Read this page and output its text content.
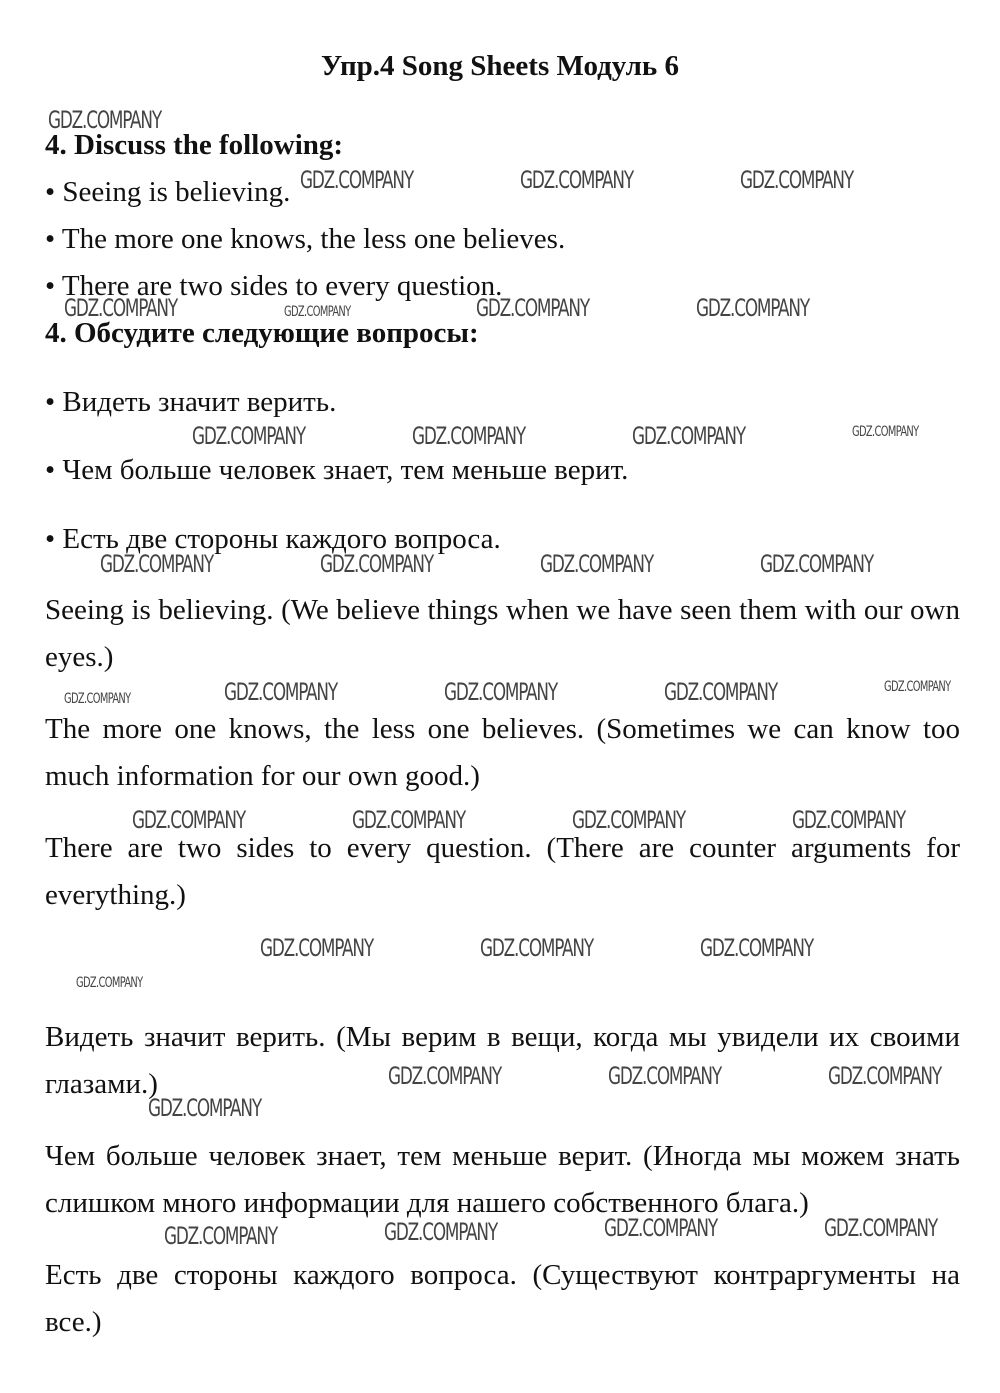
Упр.4 Song Sheets Модуль 6

4. Discuss the following:

• Seeing is believing.

• The more one knows, the less one believes.

• There are two sides to every question.

4. Обсудите следующие вопросы:

• Видеть значит верить.

• Чем больше человек знает, тем меньше верит.

• Есть две стороны каждого вопроса.

Seeing is believing. (We believe things when we have seen them with our own eyes.)

The more one knows, the less one believes. (Sometimes we can know too much information for our own good.)

There are two sides to every question. (There are counter arguments for everything.)

Видеть значит верить. (Мы верим в вещи, когда мы увидели их своими глазами.)

Чем больше человек знает, тем меньше верит. (Иногда мы можем знать слишком много информации для нашего собственного блага.)

Есть две стороны каждого вопроса. (Существуют контраргументы на все.)

GDZ.COMPANY
GDZ.COMPANY	GDZ.COMPANY	GDZ.COMPANY
GDZ.COMPANY	GDZ.COMPANY	GDZ.COMPANY	GDZ.COMPANY
GDZ.COMPANY	GDZ.COMPANY	GDZ.COMPANY	GDZ.COMPANY
GDZ.COMPANY	GDZ.COMPANY	GDZ.COMPANY	GDZ.COMPANY
GDZ.COMPANY	GDZ.COMPANY	GDZ.COMPANY	GDZ.COMPANY	GDZ.COMPANY
GDZ.COMPANY	GDZ.COMPANY	GDZ.COMPANY	GDZ.COMPANY
GDZ.COMPANY	GDZ.COMPANY	GDZ.COMPANY
GDZ.COMPANY
GDZ.COMPANY	GDZ.COMPANY	GDZ.COMPANY
GDZ.COMPANY
GDZ.COMPANY	GDZ.COMPANY	GDZ.COMPANY	GDZ.COMPANY
